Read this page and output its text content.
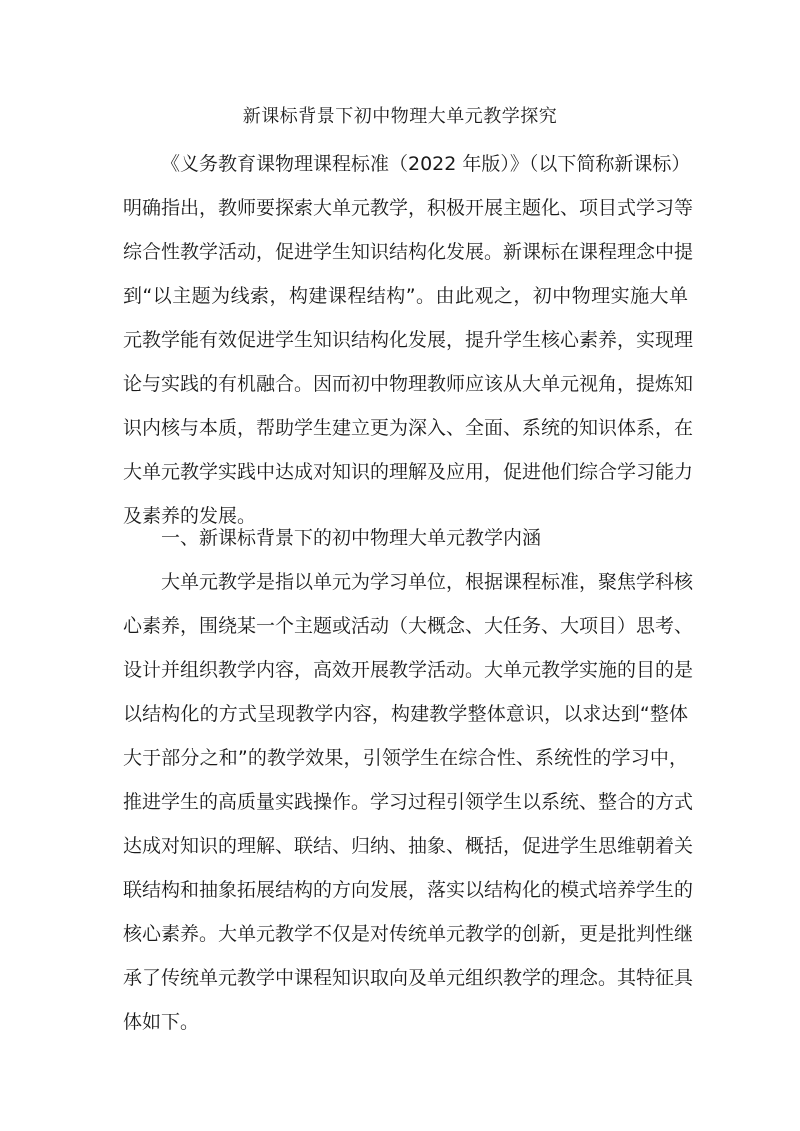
新课标背景下初中物理大单元教学探究
《义务教育课物理课程标准（2022 年版）》（以下简称新课标）
明确指出，教师要探索大单元教学，积极开展主题化、项目式学习等
综合性教学活动，促进学生知识结构化发展。新课标在课程理念中提
到“以主题为线索，构建课程结构”。由此观之，初中物理实施大单
元教学能有效促进学生知识结构化发展，提升学生核心素养，实现理
论与实践的有机融合。因而初中物理教师应该从大单元视角，提炼知
识内核与本质，帮助学生建立更为深入、全面、系统的知识体系，在
大单元教学实践中达成对知识的理解及应用，促进他们综合学习能力
及素养的发展。
一、新课标背景下的初中物理大单元教学内涵
大单元教学是指以单元为学习单位，根据课程标准，聚焦学科核
心素养，围绕某一个主题或活动（大概念、大任务、大项目）思考、
设计并组织教学内容，高效开展教学活动。大单元教学实施的目的是
以结构化的方式呈现教学内容，构建教学整体意识，以求达到“整体
大于部分之和”的教学效果，引领学生在综合性、系统性的学习中，
推进学生的高质量实践操作。学习过程引领学生以系统、整合的方式
达成对知识的理解、联结、归纳、抽象、概括，促进学生思维朝着关
联结构和抽象拓展结构的方向发展，落实以结构化的模式培养学生的
核心素养。大单元教学不仅是对传统单元教学的创新，更是批判性继
承了传统单元教学中课程知识取向及单元组织教学的理念。其特征具
体如下。
